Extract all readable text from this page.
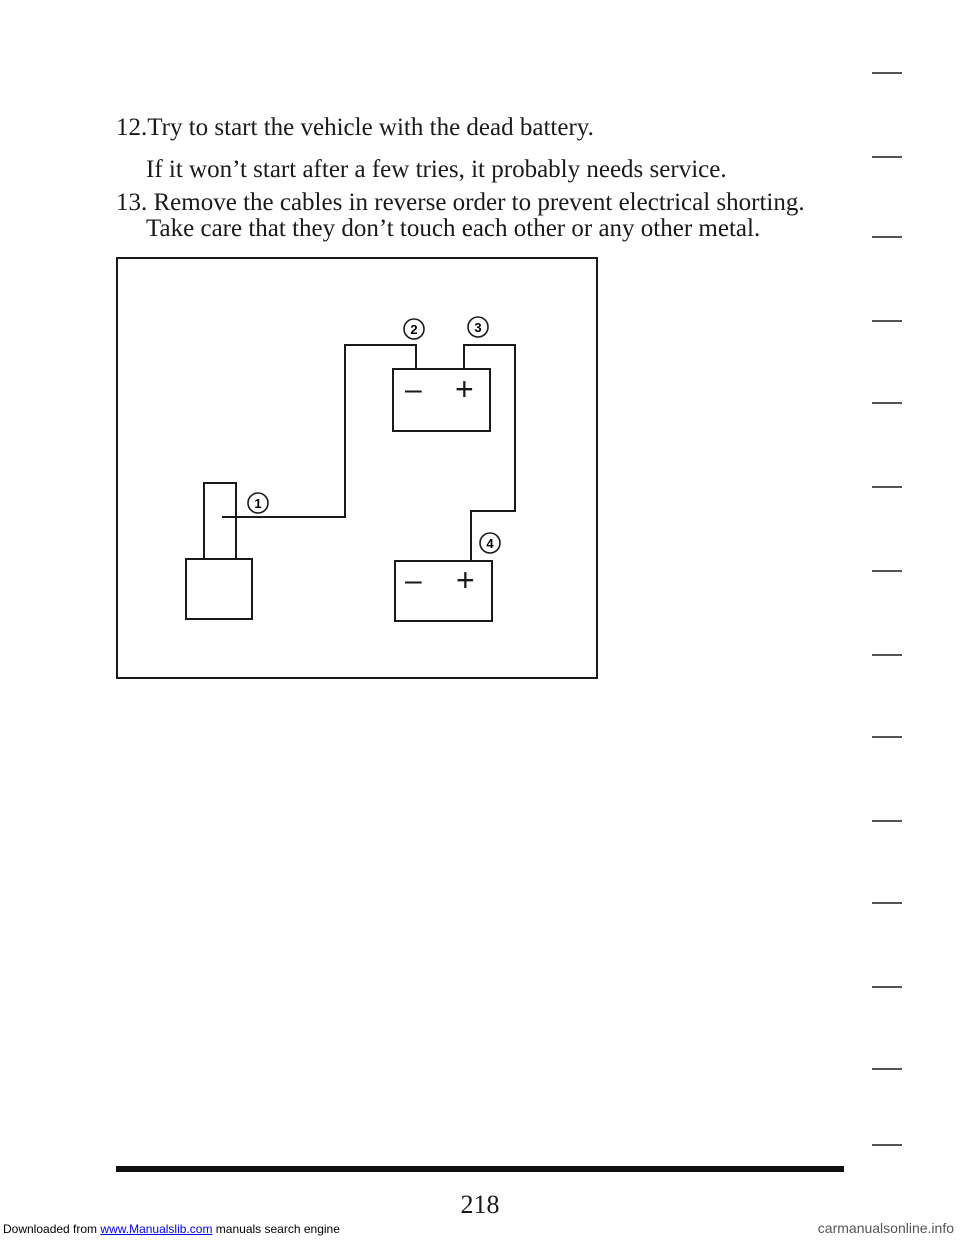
12.Try to start the vehicle with the dead battery.
If it won’t start after a few tries, it probably needs service.
13. Remove the cables in reverse order to prevent electrical shorting.
Take care that they don’t touch each other or any other metal.
– +
– +
1
2	3
4
218
Downloaded from www.Manualslib.com manuals search engine	carmanualsonline.info
